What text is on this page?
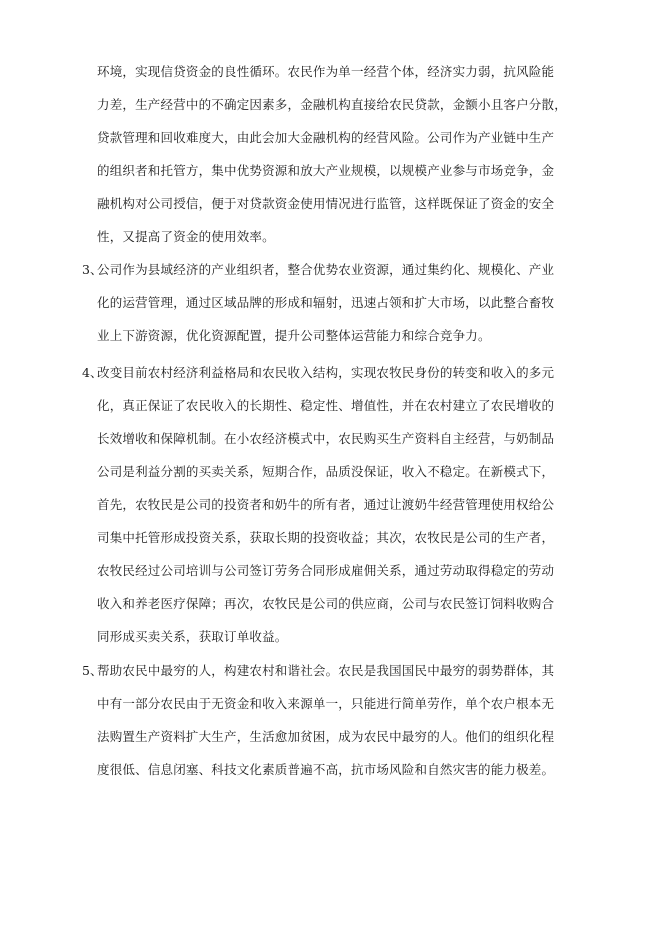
环境，实现信贷资金的良性循环。农民作为单一经营个体，经济实力弱，抗风险能
力差，生产经营中的不确定因素多，金融机构直接给农民贷款，金额小且客户分散，
贷款管理和回收难度大，由此会加大金融机构的经营风险。公司作为产业链中生产
的组织者和托管方，集中优势资源和放大产业规模，以规模产业参与市场竞争，金
融机构对公司授信，便于对贷款资金使用情况进行监管，这样既保证了资金的安全
性，又提高了资金的使用效率。
3、
公司作为县域经济的产业组织者，整合优势农业资源，通过集约化、规模化、产业
化的运营管理，通过区域品牌的形成和辐射，迅速占领和扩大市场，以此整合畜牧
业上下游资源，优化资源配置，提升公司整体运营能力和综合竞争力。
4、
改变目前农村经济利益格局和农民收入结构，实现农牧民身份的转变和收入的多元
化，真正保证了农民收入的长期性、稳定性、增值性，并在农村建立了农民增收的
长效增收和保障机制。在小农经济模式中，农民购买生产资料自主经营，与奶制品
公司是利益分割的买卖关系，短期合作，品质没保证，收入不稳定。在新模式下，
首先，农牧民是公司的投资者和奶牛的所有者，通过让渡奶牛经营管理使用权给公
司集中托管形成投资关系，获取长期的投资收益；其次，农牧民是公司的生产者，
农牧民经过公司培训与公司签订劳务合同形成雇佣关系，通过劳动取得稳定的劳动
收入和养老医疗保障；再次，农牧民是公司的供应商，公司与农民签订饲料收购合
同形成买卖关系，获取订单收益。
5、
帮助农民中最穷的人，构建农村和谐社会。农民是我国国民中最穷的弱势群体，其
中有一部分农民由于无资金和收入来源单一，只能进行简单劳作，单个农户根本无
法购置生产资料扩大生产，生活愈加贫困，成为农民中最穷的人。他们的组织化程
度很低、信息闭塞、科技文化素质普遍不高，抗市场风险和自然灾害的能力极差。
